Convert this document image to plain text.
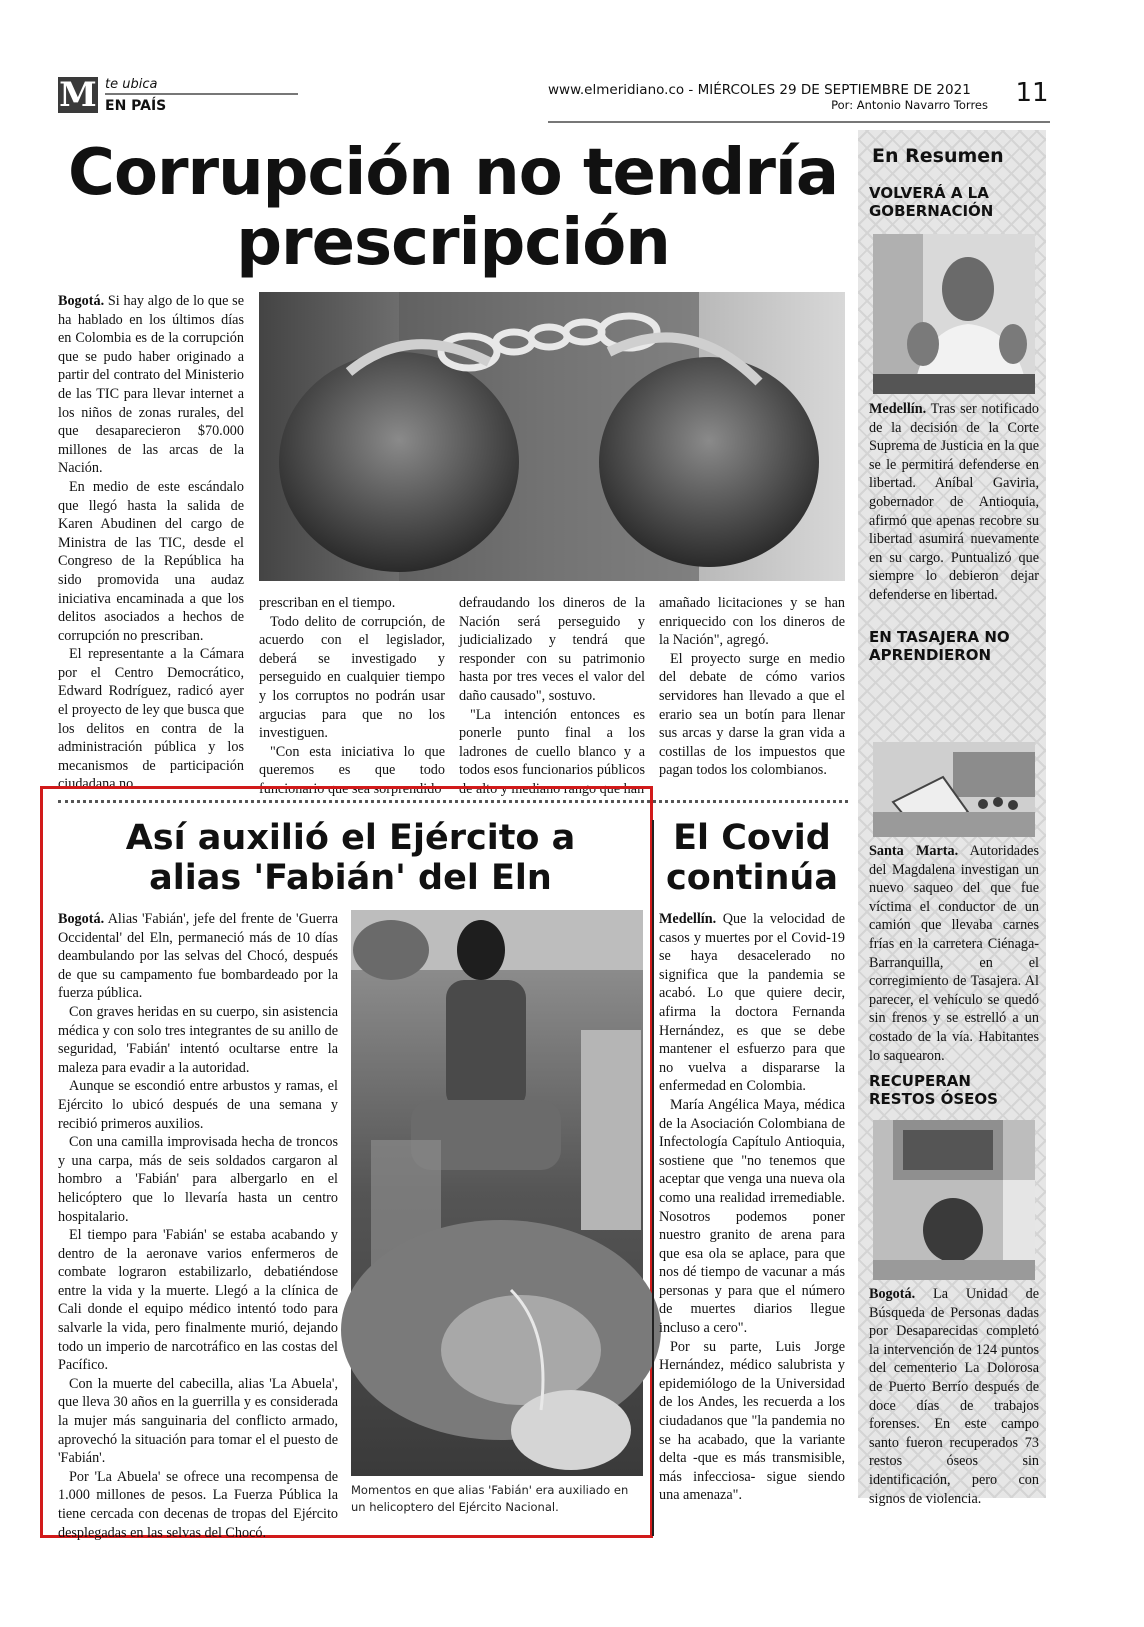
M te ubica
EN PAÍS
www.elmeridiano.co - MIÉRCOLES 29 DE SEPTIEMBRE DE 2021
Por: Antonio Navarro Torres 11
Corrupción no tendría
prescripción

Bogotá. Si hay algo de lo que se ha hablado en los últimos días en Colombia es de la corrupción que se pudo haber originado a partir del contrato del Ministerio de las TIC para llevar internet a los niños de zonas rurales, del que desaparecieron $70.000 millones de las arcas de la Nación.

En medio de este escándalo que llegó hasta la salida de Karen Abudinen del cargo de Ministra de las TIC, desde el Congreso de la República ha sido promovida una audaz iniciativa encaminada a que los delitos asociados a hechos de corrupción no prescriban.

El representante a la Cámara por el Centro Democrático, Edward Rodríguez, radicó ayer el proyecto de ley que busca que los delitos en contra de la administración pública y los mecanismos de participación ciudadana no

prescriban en el tiempo.

Todo delito de corrupción, de acuerdo con el legislador, deberá se investigado y perseguido en cualquier tiempo y los corruptos no podrán usar argucias para que no los investiguen.

"Con esta iniciativa lo que queremos es que todo funcionario que sea sorprendido

defraudando los dineros de la Nación será perseguido y judicializado y tendrá que responder con su patrimonio hasta por tres veces el valor del daño causado", sostuvo.

"La intención entonces es ponerle punto final a los ladrones de cuello blanco y a todos esos funcionarios públicos de alto y mediano rango que han

amañado licitaciones y se han enriquecido con los dineros de la Nación", agregó.

El proyecto surge en medio del debate de cómo varios servidores han llevado a que el erario sea un botín para llenar sus arcas y darse la gran vida a costillas de los impuestos que pagan todos los colombianos.

Así auxilió el Ejército a
alias 'Fabián' del Eln

Bogotá. Alias 'Fabián', jefe del frente de 'Guerra Occidental' del Eln, permaneció más de 10 días deambulando por las selvas del Chocó, después de que su campamento fue bombardeado por la fuerza pública.

Con graves heridas en su cuerpo, sin asistencia médica y con solo tres integrantes de su anillo de seguridad, 'Fabián' intentó ocultarse entre la maleza para evadir a la autoridad.

Aunque se escondió entre arbustos y ramas, el Ejército lo ubicó después de una semana y recibió primeros auxilios.

Con una camilla improvisada hecha de troncos y una carpa, más de seis soldados cargaron al hombro a 'Fabián' para albergarlo en el helicóptero que lo llevaría hasta un centro hospitalario.

El tiempo para 'Fabián' se estaba acabando y dentro de la aeronave varios enfermeros de combate lograron estabilizarlo, debatiéndose entre la vida y la muerte. Llegó a la clínica de Cali donde el equipo médico intentó todo para salvarle la vida, pero finalmente murió, dejando todo un imperio de narcotráfico en las costas del Pacífico.

Con la muerte del cabecilla, alias 'La Abuela', que lleva 30 años en la guerrilla y es considerada la mujer más sanguinaria del conflicto armado, aprovechó la situación para tomar el el puesto de 'Fabián'.

Por 'La Abuela' se ofrece una recompensa de 1.000 millones de pesos. La Fuerza Pública la tiene cercada con decenas de tropas del Ejército desplegadas en las selvas del Chocó.

Momentos en que alias 'Fabián' era auxiliado en un helicoptero del Ejército Nacional.
El Covid
continúa

Medellín. Que la velocidad de casos y muertes por el Covid-19 se haya desacelerado no significa que la pandemia se acabó. Lo que quiere decir, afirma la doctora Fernanda Hernández, es que se debe mantener el esfuerzo para que no vuelva a dispararse la enfermedad en Colombia.

María Angélica Maya, médica de la Asociación Colombiana de Infectología Capítulo Antioquia, sostiene que "no tenemos que aceptar que venga una nueva ola como una realidad irremediable. Nosotros podemos poner nuestro granito de arena para que esa ola se aplace, para que nos dé tiempo de vacunar a más personas y para que el número de muertes diarios llegue incluso a cero".

Por su parte, Luis Jorge Hernández, médico salubrista y epidemiólogo de la Universidad de los Andes, les recuerda a los ciudadanos que "la pandemia no se ha acabado, que la variante delta -que es más transmisible, más infecciosa- sigue siendo una amenaza".

En Resumen
VOLVERÁ A LA
GOBERNACIÓN

Medellín. Tras ser notificado de la decisión de la Corte Suprema de Justicia en la que se le permitirá defenderse en libertad. Aníbal Gaviria, gobernador de Antioquia, afirmó que apenas recobre su libertad asumirá nuevamente en su cargo. Puntualizó que siempre lo debieron dejar defenderse en libertad.

EN TASAJERA NO
APRENDIERON

Santa Marta. Autoridades del Magdalena investigan un nuevo saqueo del que fue víctima el conductor de un camión que llevaba carnes frías en la carretera Ciénaga-Barranquilla, en el corregimiento de Tasajera. Al parecer, el vehículo se quedó sin frenos y se estrelló a un costado de la vía. Habitantes lo saquearon.

RECUPERAN
RESTOS ÓSEOS

Bogotá. La Unidad de Búsqueda de Personas dadas por Desaparecidas completó la intervención de 124 puntos del cementerio La Dolorosa de Puerto Berrío después de doce días de trabajos forenses. En este campo santo fueron recuperados 73 restos óseos sin identificación, pero con signos de violencia.
